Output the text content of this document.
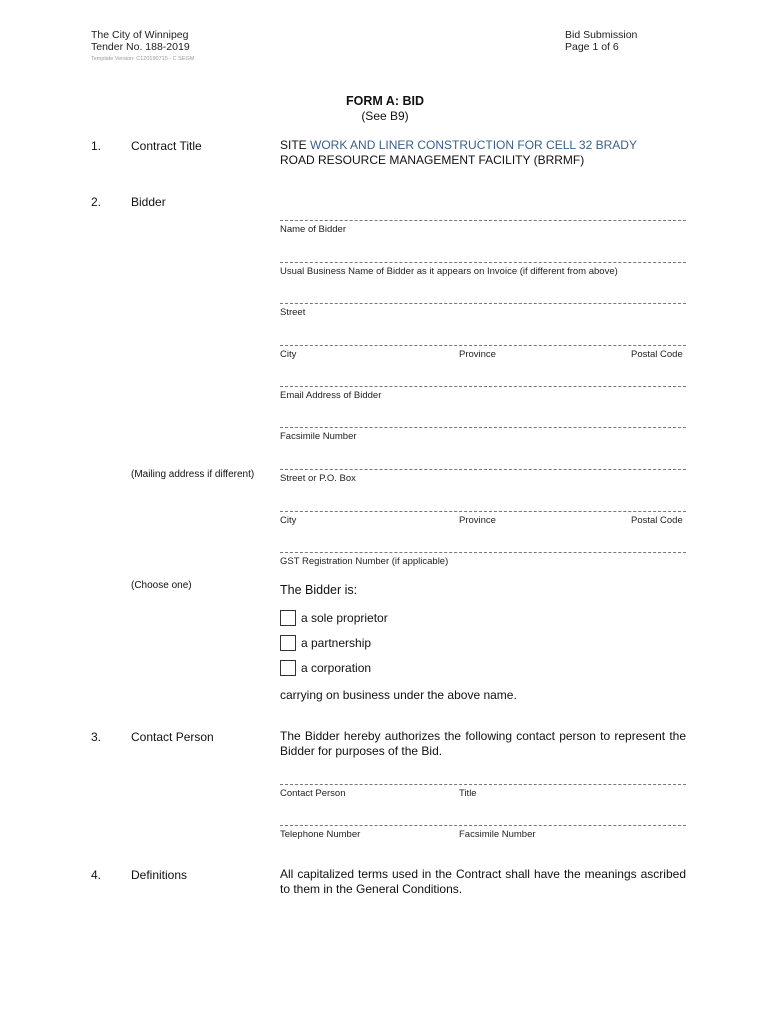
The City of Winnipeg
Tender No. 188-2019
Template Version: C120190715 - C SEGM
Bid Submission
Page 1 of 6
FORM A: BID
(See B9)
1. Contract Title	SITE WORK AND LINER CONSTRUCTION FOR CELL 32 BRADY
ROAD RESOURCE MANAGEMENT FACILITY (BRRMF)
2. Bidder
Name of Bidder
Usual Business Name of Bidder as it appears on Invoice (if different from above)
Street
City	Province	Postal Code
Email Address of Bidder
Facsimile Number
(Mailing address if different)	Street or P.O. Box
City	Province	Postal Code
GST Registration Number (if applicable)
(Choose one)	The Bidder is:
a sole proprietor
a partnership
a corporation
carrying on business under the above name.
3. Contact Person	The Bidder hereby authorizes the following contact person to represent the Bidder for purposes of the Bid.
Contact Person	Title
Telephone Number	Facsimile Number
4. Definitions	All capitalized terms used in the Contract shall have the meanings ascribed to them in the General Conditions.
